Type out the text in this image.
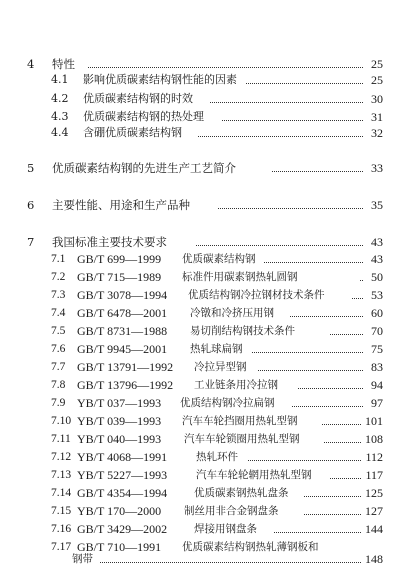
4 特性	25
4.1 影响优质碳素结构钢性能的因素	25
4.2 优质碳素结构钢的时效	30
4.3 优质碳素结构钢的热处理	31
4.4 含硼优质碳素结构钢	32
5 优质碳素结构钢的先进生产工艺简介	33
6 主要性能、用途和生产品种	35
7 我国标准主要技术要求	43
7.1 GB/T 699—1999 优质碳素结构钢	43
7.2 GB/T 715—1989 标准件用碳素钢热轧圆钢	50
7.3 GB/T 3078—1994 优质结构钢冷拉钢材技术条件	53
7.4 GB/T 6478—2001 冷镦和冷挤压用钢	60
7.5 GB/T 8731—1988 易切削结构钢技术条件	70
7.6 GB/T 9945—2001 热轧球扁钢	75
7.7 GB/T 13791—1992 冷拉异型钢	83
7.8 GB/T 13796—1992 工业链条用冷拉钢	94
7.9 YB/T 037—1993 优质结构钢冷拉扁钢	97
7.10 YB/T 039—1993 汽车车轮挡圈用热轧型钢	101
7.11 YB/T 040—1993 汽车车轮锁圈用热轧型钢	108
7.12 YB/T 4068—1991	热轧环件	112
7.13 YB/T 5227—1993	汽车车轮轮辋用热轧型钢	117
7.14 GB/T 4354—1994	优质碳素钢热轧盘条	125
7.15 YB/T 170—2000 制丝用非合金钢盘条	127
7.16 GB/T 3429—2002	焊接用钢盘条	144
7.17 GB/T 710—1991 优质碳素结构钢热轧薄钢板和
钢带	148
